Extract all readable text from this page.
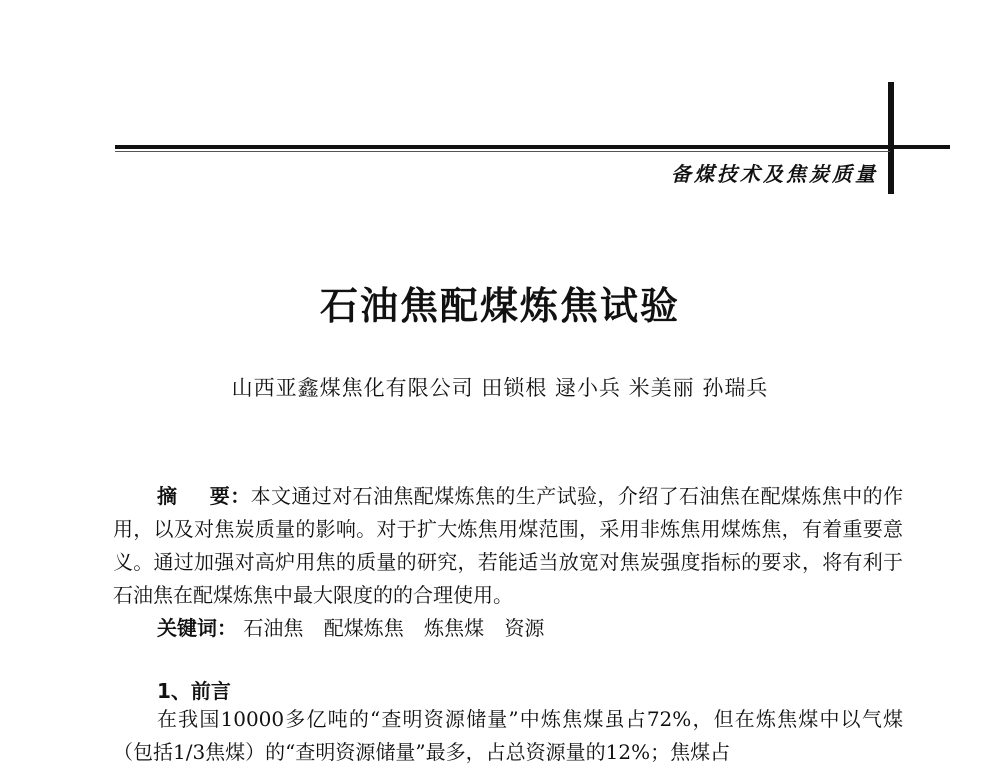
备煤技术及焦炭质量
石油焦配煤炼焦试验
山西亚鑫煤焦化有限公司 田锁根 逯小兵 米美丽 孙瑞兵
摘 要：本文通过对石油焦配煤炼焦的生产试验，介绍了石油焦在配煤炼焦中的作用，以及对焦炭质量的影响。对于扩大炼焦用煤范围，采用非炼焦用煤炼焦，有着重要意义。通过加强对高炉用焦的质量的研究，若能适当放宽对焦炭强度指标的要求，将有利于石油焦在配煤炼焦中最大限度的的合理使用。
关键词： 石油焦 配煤炼焦 炼焦煤 资源
1、前言
在我国10000多亿吨的“查明资源储量”中炼焦煤虽占72%，但在炼焦煤中以气煤（包括1/3焦煤）的“查明资源储量”最多，占总资源量的12%；焦煤占
